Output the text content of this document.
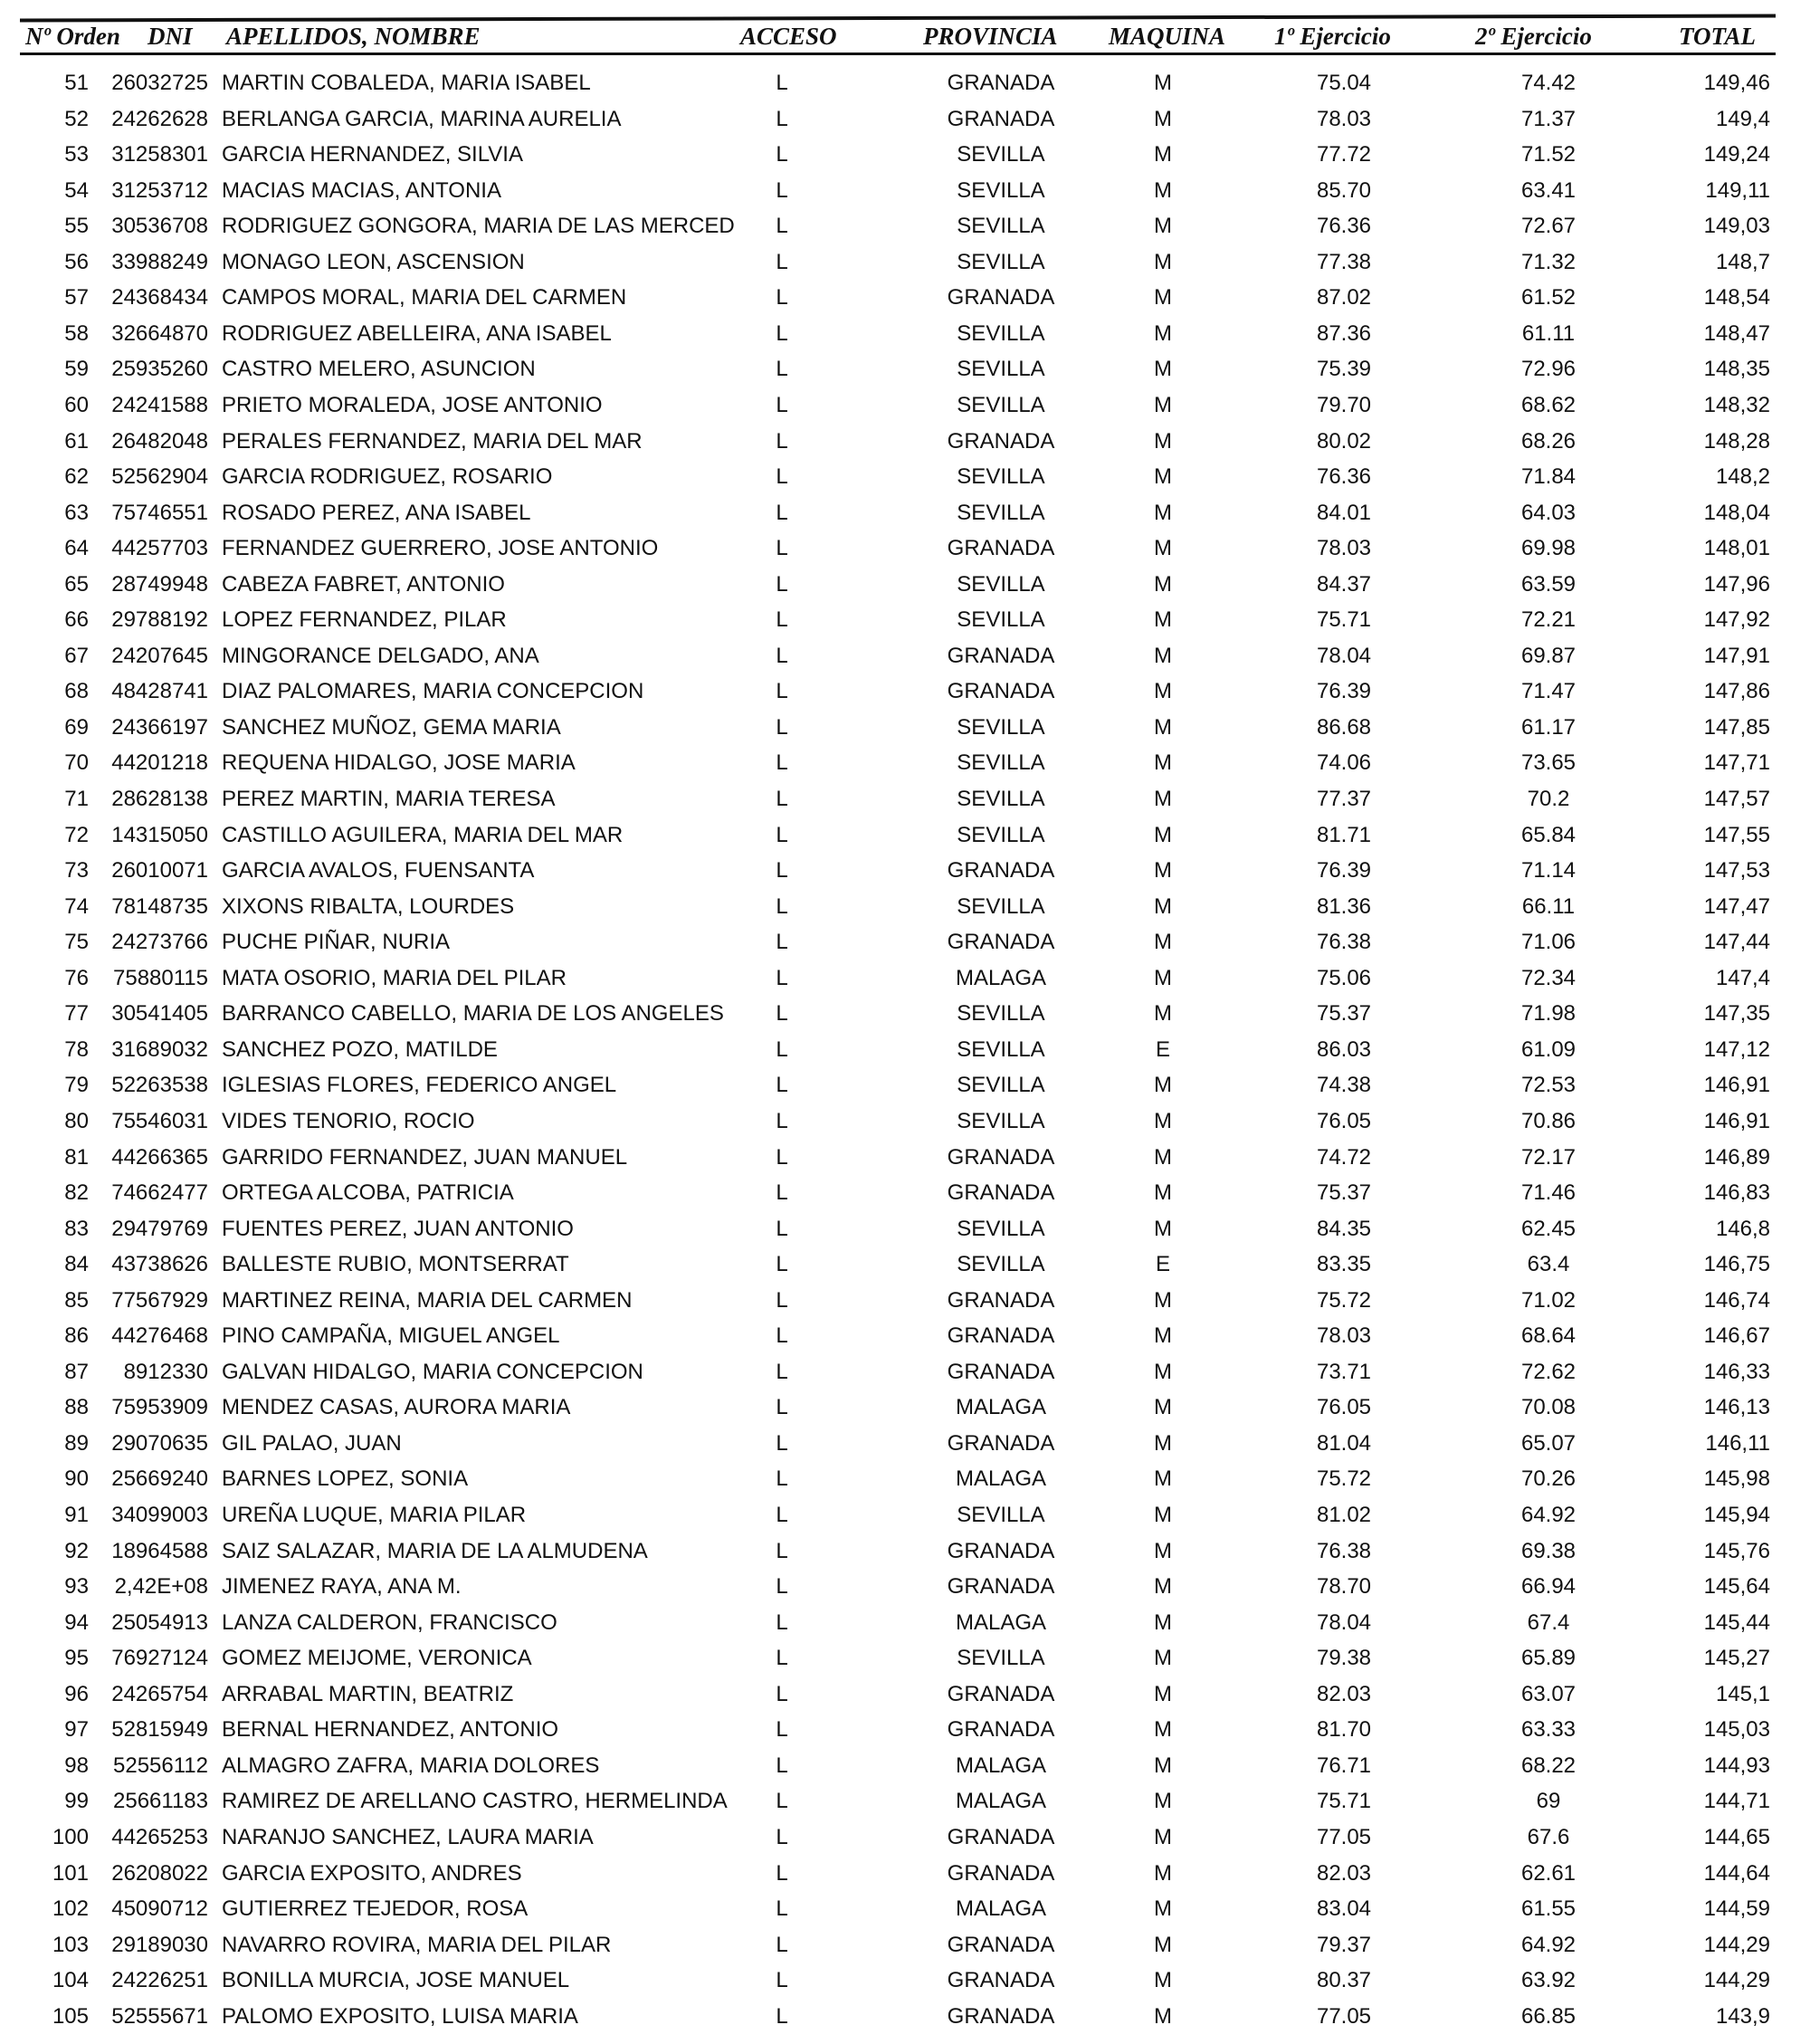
Nº Orden DNI APELLIDOS, NOMBRE	ACCESO	PROVINCIA MAQUINA 1º Ejercicio	2º Ejercicio	TOTAL
51	26032725 MARTIN COBALEDA, MARIA ISABEL	L	GRANADA	M	75.04	74.42	149,46
52	24262628 BERLANGA GARCIA, MARINA AURELIA	L	GRANADA	M	78.03	71.37	149,4
53	31258301 GARCIA HERNANDEZ, SILVIA	L	SEVILLA	M	77.72	71.52	149,24
54	31253712 MACIAS MACIAS, ANTONIA	L	SEVILLA	M	85.70	63.41	149,11
55	30536708 RODRIGUEZ GONGORA, MARIA DE LAS MERCED	L	SEVILLA	M	76.36	72.67	149,03
56	33988249 MONAGO LEON, ASCENSION	L	SEVILLA	M	77.38	71.32	148,7
57	24368434 CAMPOS MORAL, MARIA DEL CARMEN	L	GRANADA	M	87.02	61.52	148,54
58	32664870 RODRIGUEZ ABELLEIRA, ANA ISABEL	L	SEVILLA	M	87.36	61.11	148,47
59	25935260 CASTRO MELERO, ASUNCION	L	SEVILLA	M	75.39	72.96	148,35
60	24241588 PRIETO MORALEDA, JOSE ANTONIO	L	SEVILLA	M	79.70	68.62	148,32
61	26482048 PERALES FERNANDEZ, MARIA DEL MAR	L	GRANADA	M	80.02	68.26	148,28
62	52562904 GARCIA RODRIGUEZ, ROSARIO	L	SEVILLA	M	76.36	71.84	148,2
63	75746551 ROSADO PEREZ, ANA ISABEL	L	SEVILLA	M	84.01	64.03	148,04
64	44257703 FERNANDEZ GUERRERO, JOSE ANTONIO	L	GRANADA	M	78.03	69.98	148,01
65	28749948 CABEZA FABRET, ANTONIO	L	SEVILLA	M	84.37	63.59	147,96
66	29788192 LOPEZ FERNANDEZ, PILAR	L	SEVILLA	M	75.71	72.21	147,92
67	24207645 MINGORANCE DELGADO, ANA	L	GRANADA	M	78.04	69.87	147,91
68	48428741 DIAZ PALOMARES, MARIA CONCEPCION	L	GRANADA	M	76.39	71.47	147,86
69	24366197 SANCHEZ MUÑOZ, GEMA MARIA	L	SEVILLA	M	86.68	61.17	147,85
70	44201218 REQUENA HIDALGO, JOSE MARIA	L	SEVILLA	M	74.06	73.65	147,71
71	28628138 PEREZ MARTIN, MARIA TERESA	L	SEVILLA	M	77.37	70.2	147,57
72	14315050 CASTILLO AGUILERA, MARIA DEL MAR	L	SEVILLA	M	81.71	65.84	147,55
73	26010071 GARCIA AVALOS, FUENSANTA	L	GRANADA	M	76.39	71.14	147,53
74	78148735 XIXONS RIBALTA, LOURDES	L	SEVILLA	M	81.36	66.11	147,47
75	24273766 PUCHE PIÑAR, NURIA	L	GRANADA	M	76.38	71.06	147,44
76	75880115 MATA OSORIO, MARIA DEL PILAR	L	MALAGA	M	75.06	72.34	147,4
77	30541405 BARRANCO CABELLO, MARIA DE LOS ANGELES	L	SEVILLA	M	75.37	71.98	147,35
78	31689032 SANCHEZ POZO, MATILDE	L	SEVILLA	E	86.03	61.09	147,12
79	52263538 IGLESIAS FLORES, FEDERICO ANGEL	L	SEVILLA	M	74.38	72.53	146,91
80	75546031 VIDES TENORIO, ROCIO	L	SEVILLA	M	76.05	70.86	146,91
81	44266365 GARRIDO FERNANDEZ, JUAN MANUEL	L	GRANADA	M	74.72	72.17	146,89
82	74662477 ORTEGA ALCOBA, PATRICIA	L	GRANADA	M	75.37	71.46	146,83
83	29479769 FUENTES PEREZ, JUAN ANTONIO	L	SEVILLA	M	84.35	62.45	146,8
84	43738626 BALLESTE RUBIO, MONTSERRAT	L	SEVILLA	E	83.35	63.4	146,75
85	77567929 MARTINEZ REINA, MARIA DEL CARMEN	L	GRANADA	M	75.72	71.02	146,74
86	44276468 PINO CAMPAÑA, MIGUEL ANGEL	L	GRANADA	M	78.03	68.64	146,67
87	8912330 GALVAN HIDALGO, MARIA CONCEPCION	L	GRANADA	M	73.71	72.62	146,33
88	75953909 MENDEZ CASAS, AURORA MARIA	L	MALAGA	M	76.05	70.08	146,13
89	29070635 GIL PALAO, JUAN	L	GRANADA	M	81.04	65.07	146,11
90	25669240 BARNES LOPEZ, SONIA	L	MALAGA	M	75.72	70.26	145,98
91	34099003 UREÑA LUQUE, MARIA PILAR	L	SEVILLA	M	81.02	64.92	145,94
92	18964588 SAIZ SALAZAR, MARIA DE LA ALMUDENA	L	GRANADA	M	76.38	69.38	145,76
93	2,42E+08 JIMENEZ RAYA, ANA M.	L	GRANADA	M	78.70	66.94	145,64
94	25054913 LANZA CALDERON, FRANCISCO	L	MALAGA	M	78.04	67.4	145,44
95	76927124 GOMEZ MEIJOME, VERONICA	L	SEVILLA	M	79.38	65.89	145,27
96	24265754 ARRABAL MARTIN, BEATRIZ	L	GRANADA	M	82.03	63.07	145,1
97	52815949 BERNAL HERNANDEZ, ANTONIO	L	GRANADA	M	81.70	63.33	145,03
98	52556112 ALMAGRO ZAFRA, MARIA DOLORES	L	MALAGA	M	76.71	68.22	144,93
99	25661183 RAMIREZ DE ARELLANO CASTRO, HERMELINDA	L	MALAGA	M	75.71	69	144,71
100	44265253 NARANJO SANCHEZ, LAURA MARIA	L	GRANADA	M	77.05	67.6	144,65
101	26208022 GARCIA EXPOSITO, ANDRES	L	GRANADA	M	82.03	62.61	144,64
102	45090712 GUTIERREZ TEJEDOR, ROSA	L	MALAGA	M	83.04	61.55	144,59
103	29189030 NAVARRO ROVIRA, MARIA DEL PILAR	L	GRANADA	M	79.37	64.92	144,29
104	24226251 BONILLA MURCIA, JOSE MANUEL	L	GRANADA	M	80.37	63.92	144,29
105	52555671 PALOMO EXPOSITO, LUISA MARIA	L	GRANADA	M	77.05	66.85	143,9
